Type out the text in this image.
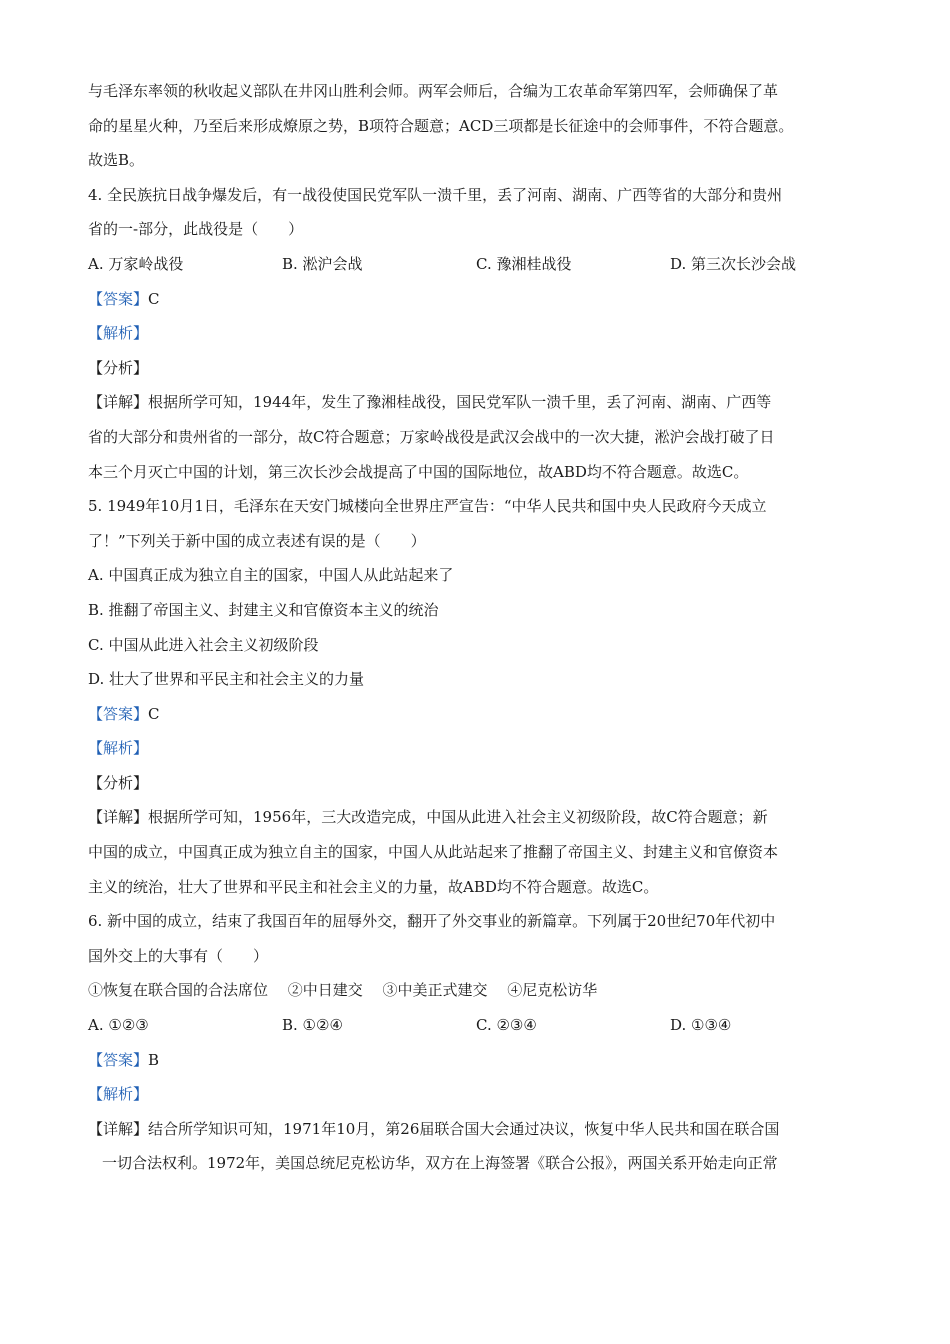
与毛泽东率领的秋收起义部队在井冈山胜利会师。两军会师后，合编为工农革命军第四军，会师确保了革
命的星星火种，乃至后来形成燎原之势，B项符合题意；ACD三项都是长征途中的会师事件，不符合题意。
故选B。
4. 全民族抗日战争爆发后，有一战役使国民党军队一溃千里，丢了河南、湖南、广西等省的大部分和贵州
省的一-部分，此战役是（　　）
A. 万家岭战役	B. 淞沪会战	C. 豫湘桂战役	D. 第三次长沙会战
【答案】C
【解析】
【分析】
【详解】根据所学可知，1944年，发生了豫湘桂战役，国民党军队一溃千里，丢了河南、湖南、广西等
省的大部分和贵州省的一部分，故C符合题意；万家岭战役是武汉会战中的一次大捷，淞沪会战打破了日
本三个月灭亡中国的计划，第三次长沙会战提高了中国的国际地位，故ABD均不符合题意。故选C。
5. 1949年10月1日，毛泽东在天安门城楼向全世界庄严宣告：“中华人民共和国中央人民政府今天成立
了！”下列关于新中国的成立表述有误的是（　　）
A. 中国真正成为独立自主的国家，中国人从此站起来了
B. 推翻了帝国主义、封建主义和官僚资本主义的统治
C. 中国从此进入社会主义初级阶段
D. 壮大了世界和平民主和社会主义的力量
【答案】C
【解析】
【分析】
【详解】根据所学可知，1956年，三大改造完成，中国从此进入社会主义初级阶段，故C符合题意；新
中国的成立，中国真正成为独立自主的国家，中国人从此站起来了推翻了帝国主义、封建主义和官僚资本
主义的统治，壮大了世界和平民主和社会主义的力量，故ABD均不符合题意。故选C。
6. 新中国的成立，结束了我国百年的屈辱外交，翻开了外交事业的新篇章。下列属于20世纪70年代初中
国外交上的大事有（　　）
①恢复在联合国的合法席位　 ②中日建交　 ③中美正式建交　 ④尼克松访华
A. ①②③	B. ①②④	C. ②③④	D. ①③④
【答案】B
【解析】
【详解】结合所学知识可知，1971年10月，第26届联合国大会通过决议，恢复中华人民共和国在联合国
一切合法权利。1972年，美国总统尼克松访华，双方在上海签署《联合公报》，两国关系开始走向正常
